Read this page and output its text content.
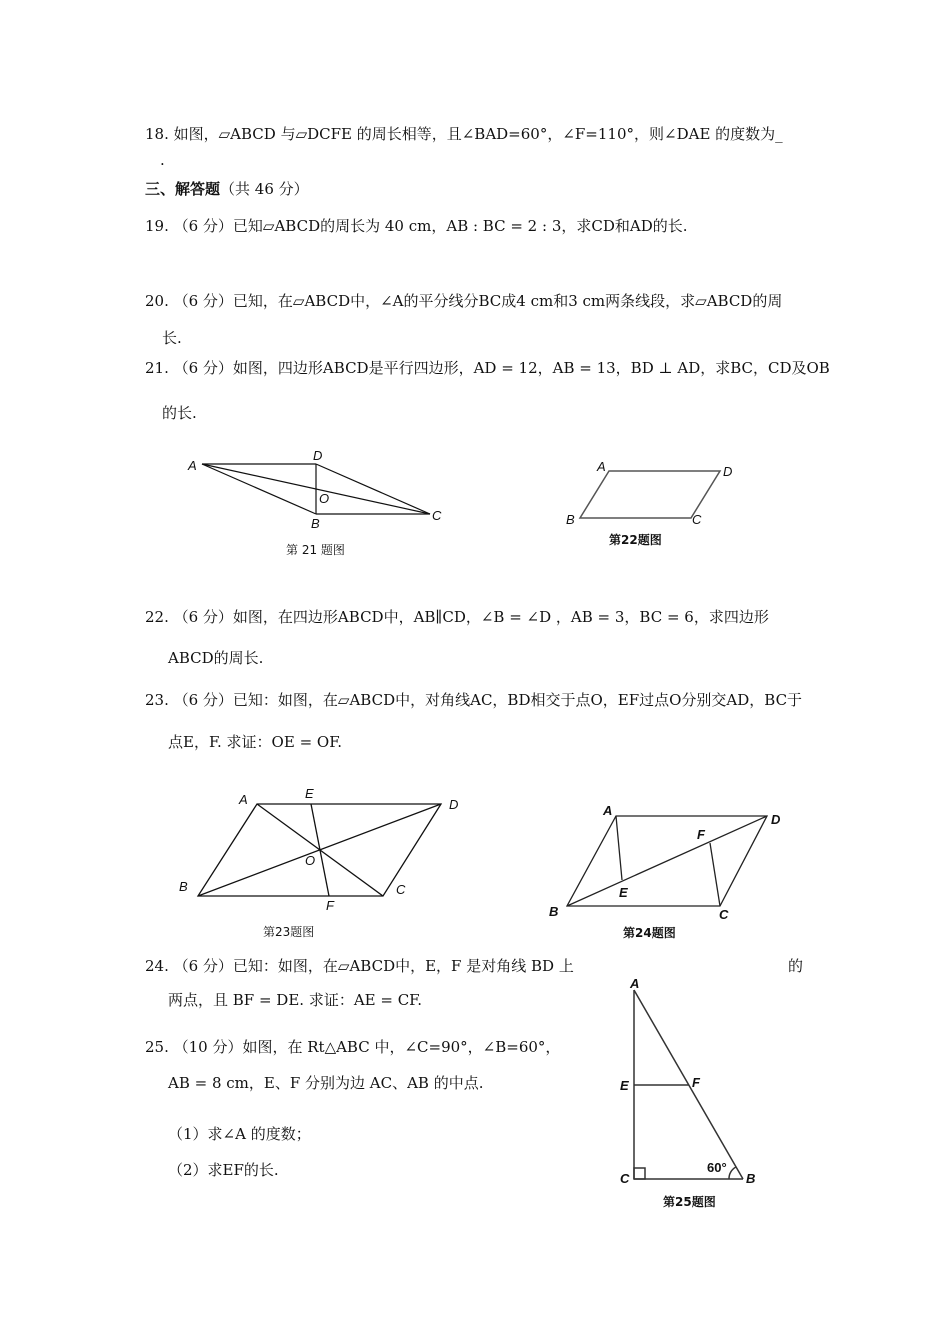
18. 如图，▱ABCD 与▱DCFE 的周长相等，且∠BAD=60°，∠F=110°，则∠DAE 的度数为_
.
三、解答题（共 46 分）
19. （6 分）已知▱ABCD的周长为 40 cm，AB : BC = 2 : 3，求CD和AD的长.
20. （6 分）已知，在▱ABCD中，∠A的平分线分BC成4 cm和3 cm两条线段，求▱ABCD的周
长.
21. （6 分）如图，四边形ABCD是平行四边形，AD = 12，AB = 13，BD ⊥ AD，求BC，CD及OB
的长.
A
D
O
B
C
第 21 题图
A	D
B	C
第22题图
22. （6 分）如图，在四边形ABCD中，AB∥CD，∠B = ∠D ，AB = 3，BC = 6，求四边形
ABCD的周长.
23. （6 分）已知：如图，在▱ABCD中，对角线AC，BD相交于点O，EF过点O分别交AD，BC于
点E，F. 求证：OE = OF.
A	E
D
O
B
F
C
第23题图
A
D
F
E
B	C
第24题图
24. （6 分）已知：如图，在▱ABCD中，E，F 是对角线 BD 上	的
两点，且 BF = DE. 求证：AE = CF.
25. （10 分）如图，在 Rt△ABC 中，∠C=90°，∠B=60°，
AB = 8 cm，E、F 分别为边 AC、AB 的中点.
（1）求∠A 的度数；
（2）求EF的长.
A
E	F
C	B
60°
第25题图
